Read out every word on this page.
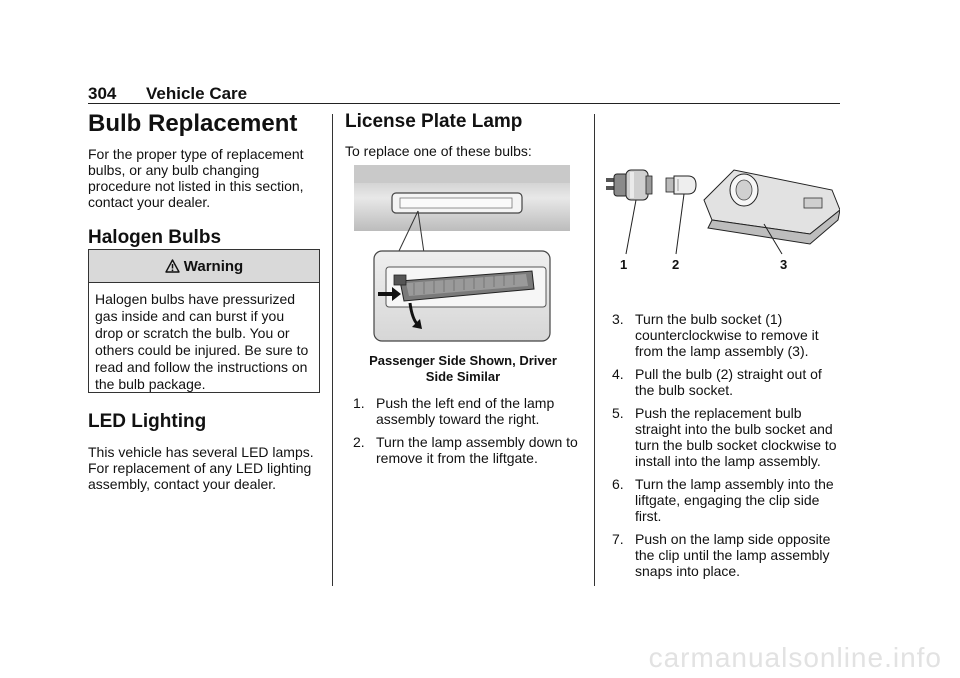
304 Vehicle Care
Bulb Replacement

For the proper type of replacement bulbs, or any bulb changing procedure not listed in this section, contact your dealer.

Halogen Bulbs
Warning
Halogen bulbs have pressurized gas inside and can burst if you drop or scratch the bulb. You or others could be injured. Be sure to read and follow the instructions on the bulb package.
LED Lighting

This vehicle has several LED lamps. For replacement of any LED lighting assembly, contact your dealer.

License Plate Lamp

To replace one of these bulbs:

Passenger Side Shown, Driver
Side Similar
1. Push the left end of the lamp assembly toward the right.
2. Turn the lamp assembly down to remove it from the liftgate.
1	2	3
3. Turn the bulb socket (1) counterclockwise to remove it from the lamp assembly (3).
4. Pull the bulb (2) straight out of the bulb socket.
5. Push the replacement bulb straight into the bulb socket and turn the bulb socket clockwise to install into the lamp assembly.
6. Turn the lamp assembly into the liftgate, engaging the clip side first.
7. Push on the lamp side opposite the clip until the lamp assembly snaps into place.
carmanualsonline.info
